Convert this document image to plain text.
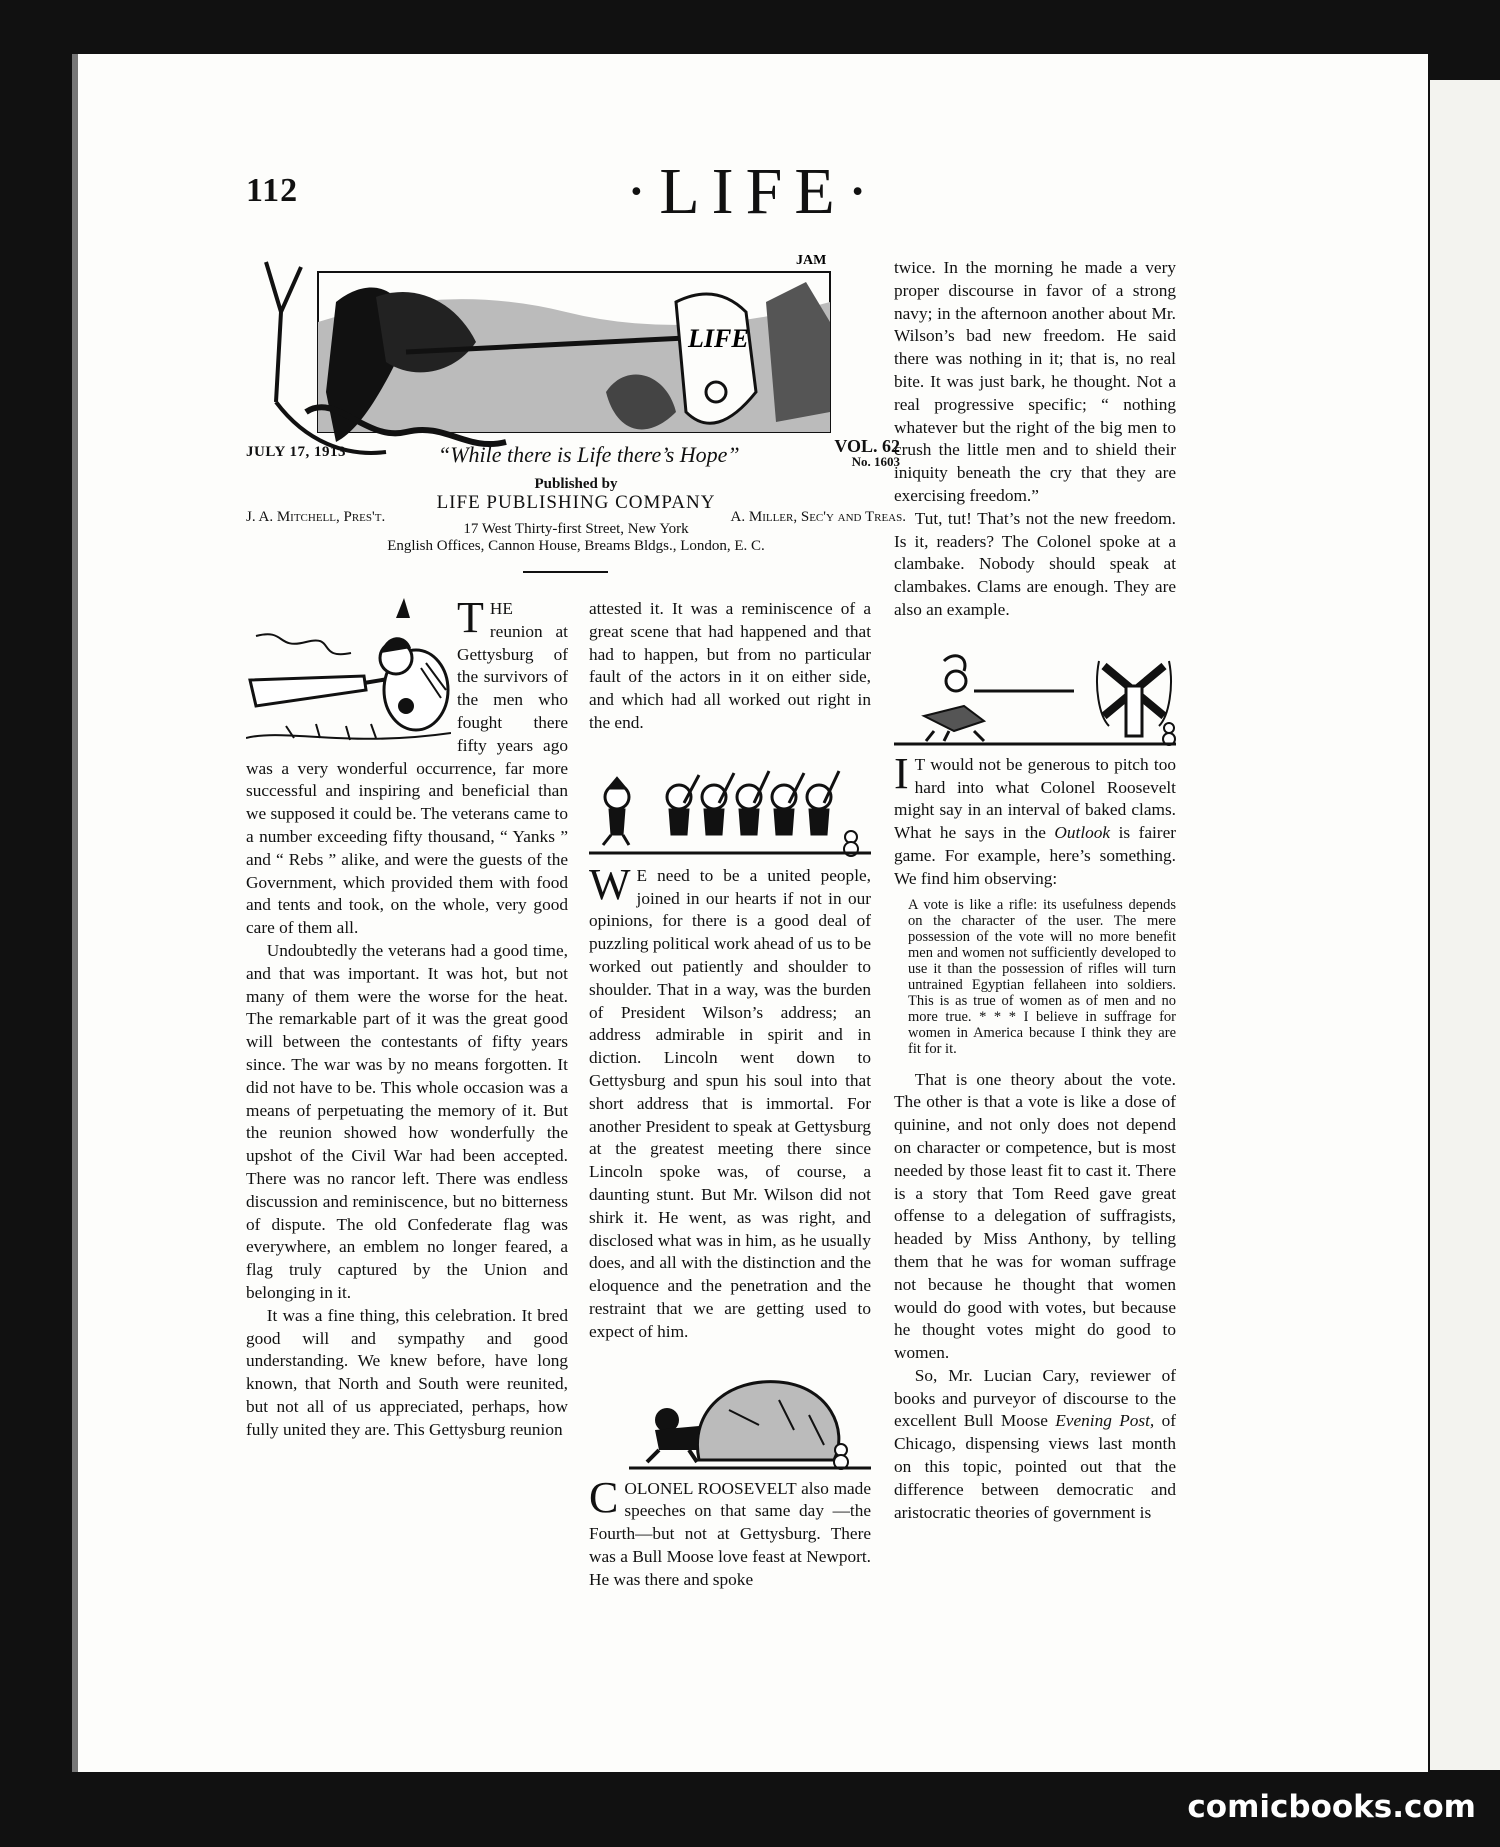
112	·LIFE·
LIFE
JAM
JULY 17, 1913	“While there is Life there’s Hope”	VOL. 62
No. 1603
Published by
LIFE PUBLISHING COMPANY
J. A. Mitchell, Pres't.	A. Miller, Sec'y and Treas.
17 West Thirty-first Street, New York
English Offices, Cannon House, Breams Bldgs., London, E. C.

THE reunion at Gettysburg of the survivors of the men who fought there fifty years ago was a very wonderful occurrence, far more successful and inspiring and beneficial than we supposed it could be. The veterans came to a number exceeding fifty thousand, “ Yanks ” and “ Rebs ” alike, and were the guests of the Government, which provided them with food and tents and took, on the whole, very good care of them all.

Undoubtedly the veterans had a good time, and that was important. It was hot, but not many of them were the worse for the heat. The remarkable part of it was the great good will between the contestants of fifty years since. The war was by no means forgotten. It did not have to be. This whole occasion was a means of perpetuating the memory of it. But the reunion showed how wonderfully the upshot of the Civil War had been accepted. There was no rancor left. There was endless discussion and reminiscence, but no bitterness of dispute. The old Confederate flag was everywhere, an emblem no longer feared, a flag truly captured by the Union and belonging in it.

It was a fine thing, this celebration. It bred good will and sympathy and good understanding. We knew before, have long known, that North and South were reunited, but not all of us appreciated, perhaps, how fully united they are. This Gettysburg reunion

attested it. It was a reminiscence of a great scene that had happened and that had to happen, but from no particular fault of the actors in it on either side, and which had all worked out right in the end.

W E need to be a united people, joined in our hearts if not in our opinions, for there is a good deal of puzzling political work ahead of us to be worked out patiently and shoulder to shoulder. That in a way, was the burden of President Wilson’s address; an address admirable in spirit and in diction. Lincoln went down to Gettysburg and spun his soul into that short address that is immortal. For another President to speak at Gettysburg at the greatest meeting there since Lincoln spoke was, of course, a daunting stunt. But Mr. Wilson did not shirk it. He went, as was right, and disclosed what was in him, as he usually does, and all with the distinction and the eloquence and the penetration and the restraint that we are getting used to expect of him.

COLONEL ROOSEVELT also made speeches on that same day —the Fourth—but not at Gettysburg. There was a Bull Moose love feast at Newport. He was there and spoke

twice. In the morning he made a very proper discourse in favor of a strong navy; in the afternoon another about Mr. Wilson’s bad new freedom. He said there was nothing in it; that is, no real bite. It was just bark, he thought. Not a real progressive specific; “ nothing whatever but the right of the big men to crush the little men and to shield their iniquity beneath the cry that they are exercising freedom.”

Tut, tut! That’s not the new freedom. Is it, readers? The Colonel spoke at a clambake. Nobody should speak at clambakes. Clams are enough. They are also an example.

I T would not be generous to pitch too hard into what Colonel Roosevelt might say in an interval of baked clams. What he says in the Outlook is fairer game. For example, here’s something. We find him observing:

A vote is like a rifle: its usefulness depends on the character of the user. The mere possession of the vote will no more benefit men and women not sufficiently developed to use it than the possession of rifles will turn untrained Egyptian fellaheen into soldiers. This is as true of women as of men and no more true. * * * I believe in suffrage for women in America because I think they are fit for it.

That is one theory about the vote. The other is that a vote is like a dose of quinine, and not only does not depend on character or competence, but is most needed by those least fit to cast it. There is a story that Tom Reed gave great offense to a delegation of suffragists, headed by Miss Anthony, by telling them that he was for woman suffrage not because he thought that women would do good with votes, but because he thought votes might do good to women.

So, Mr. Lucian Cary, reviewer of books and purveyor of discourse to the excellent Bull Moose Evening Post, of Chicago, dispensing views last month on this topic, pointed out that the difference between democratic and aristocratic theories of government is

comicbooks.com
